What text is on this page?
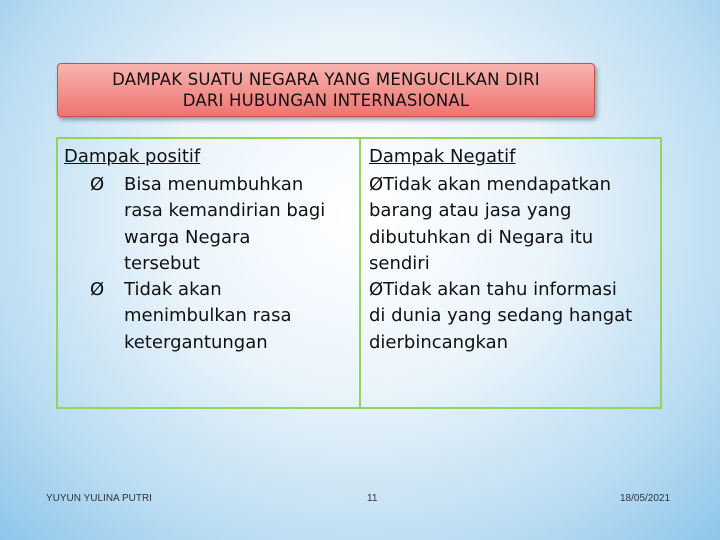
DAMPAK SUATU NEGARA YANG MENGUCILKAN DIRI
DARI HUBUNGAN INTERNASIONAL
Dampak positif
Ø Bisa menumbuhkan
rasa kemandirian bagi
warga Negara
tersebut
Ø Tidak akan
menimbulkan rasa
ketergantungan
Dampak Negatif
ØTidak akan mendapatkan
barang atau jasa yang
dibutuhkan di Negara itu
sendiri
ØTidak akan tahu informasi
di dunia yang sedang hangat
dierbincangkan
YUYUN YULINA PUTRI	11	18/05/2021
